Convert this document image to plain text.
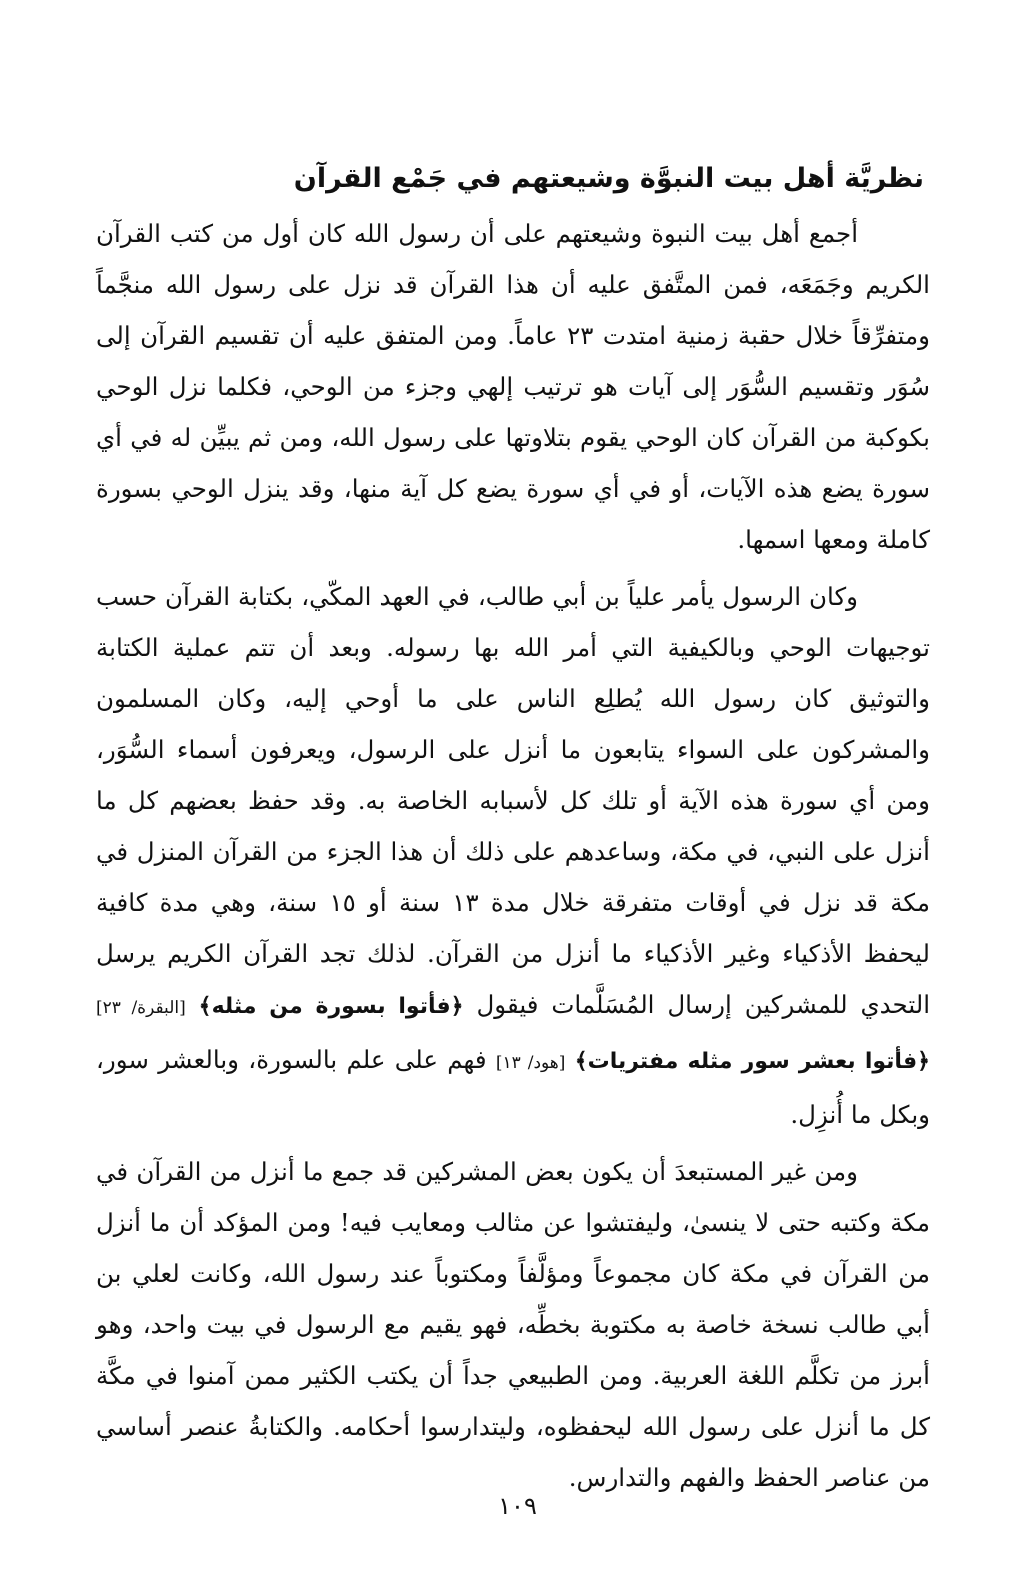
نظريَّة أهل بيت النبوَّة وشيعتهم في جَمْع القرآن

أجمع أهل بيت النبوة وشيعتهم على أن رسول الله كان أول من كتب القرآن الكريم وجَمَعَه، فمن المتَّفق عليه أن هذا القرآن قد نزل على رسول الله منجَّماً ومتفرِّقاً خلال حقبة زمنية امتدت ٢٣ عاماً. ومن المتفق عليه أن تقسيم القرآن إلى سُوَر وتقسيم السُّوَر إلى آيات هو ترتيب إلهي وجزء من الوحي، فكلما نزل الوحي بكوكبة من القرآن كان الوحي يقوم بتلاوتها على رسول الله، ومن ثم يبيِّن له في أي سورة يضع هذه الآيات، أو في أي سورة يضع كل آية منها، وقد ينزل الوحي بسورة كاملة ومعها اسمها.

وكان الرسول يأمر علياً بن أبي طالب، في العهد المكّي، بكتابة القرآن حسب توجيهات الوحي وبالكيفية التي أمر الله بها رسوله. وبعد أن تتم عملية الكتابة والتوثيق كان رسول الله يُطلِع الناس على ما أوحي إليه، وكان المسلمون والمشركون على السواء يتابعون ما أنزل على الرسول، ويعرفون أسماء السُّوَر، ومن أي سورة هذه الآية أو تلك كل لأسبابه الخاصة به. وقد حفظ بعضهم كل ما أنزل على النبي، في مكة، وساعدهم على ذلك أن هذا الجزء من القرآن المنزل في مكة قد نزل في أوقات متفرقة خلال مدة ١٣ سنة أو ١٥ سنة، وهي مدة كافية ليحفظ الأذكياء وغير الأذكياء ما أنزل من القرآن. لذلك تجد القرآن الكريم يرسل التحدي للمشركين إرسال المُسَلَّمات فيقول ﴿فأتوا بسورة من مثله﴾ [البقرة/ ٢٣] ﴿فأتوا بعشر سور مثله مفتريات﴾ [هود/ ١٣] فهم على علم بالسورة، وبالعشر سور، وبكل ما أُنزِل.

ومن غير المستبعدَ أن يكون بعض المشركين قد جمع ما أنزل من القرآن في مكة وكتبه حتى لا ينسىٰ، وليفتشوا عن مثالب ومعايب فيه! ومن المؤكد أن ما أنزل من القرآن في مكة كان مجموعاً ومؤلَّفاً ومكتوباً عند رسول الله، وكانت لعلي بن أبي طالب نسخة خاصة به مكتوبة بخطِّه، فهو يقيم مع الرسول في بيت واحد، وهو أبرز من تكلَّم اللغة العربية. ومن الطبيعي جداً أن يكتب الكثير ممن آمنوا في مكَّة كل ما أنزل على رسول الله ليحفظوه، وليتدارسوا أحكامه. والكتابةُ عنصر أساسي من عناصر الحفظ والفهم والتدارس.

١٠٩
